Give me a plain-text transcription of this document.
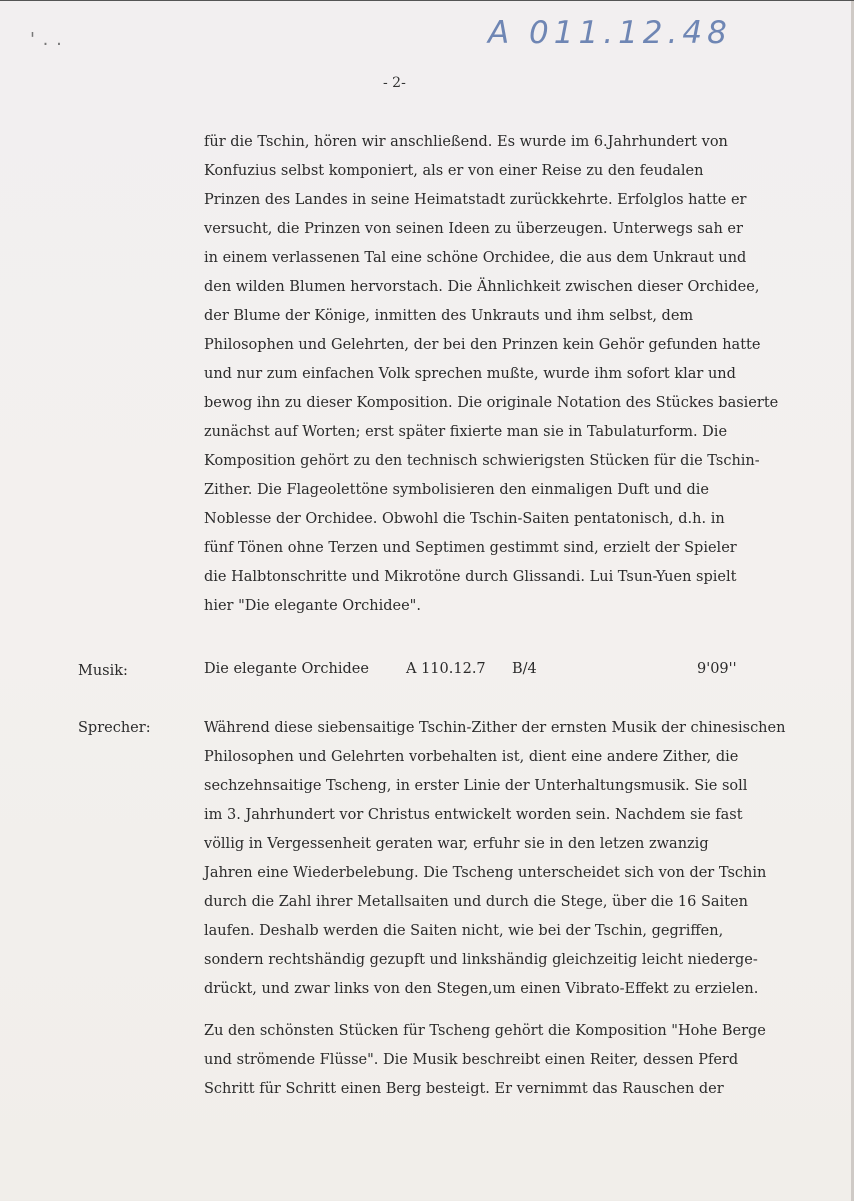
' . .	A 011.12.48
- 2-
für die Tschin, hören wir anschließend. Es wurde im 6.Jahrhundert von
Konfuzius selbst komponiert, als er von einer Reise zu den feudalen
Prinzen des Landes in seine Heimatstadt zurückkehrte. Erfolglos hatte er
versucht, die Prinzen von seinen Ideen zu überzeugen. Unterwegs sah er
in einem verlassenen Tal eine schöne Orchidee, die aus dem Unkraut und
den wilden Blumen hervorstach. Die Ähnlichkeit zwischen dieser Orchidee,
der Blume der Könige, inmitten des Unkrauts und ihm selbst, dem
Philosophen und Gelehrten, der bei den Prinzen kein Gehör gefunden hatte
und nur zum einfachen Volk sprechen mußte, wurde ihm sofort klar und
bewog ihn zu dieser Komposition. Die originale Notation des Stückes basierte
zunächst auf Worten; erst später fixierte man sie in Tabulaturform. Die
Komposition gehört zu den technisch schwierigsten Stücken für die Tschin-
Zither. Die Flageolettöne symbolisieren den einmaligen Duft und die
Noblesse der Orchidee. Obwohl die Tschin-Saiten pentatonisch, d.h. in
fünf Tönen ohne Terzen und Septimen gestimmt sind, erzielt der Spieler
die Halbtonschritte und Mikrotöne durch Glissandi. Lui Tsun-Yuen spielt
hier "Die elegante Orchidee".
Musik:	Die elegante Orchidee	A 110.12.7 B/4	9'09''
Sprecher:	Während diese siebensaitige Tschin-Zither der ernsten Musik der chinesischen
Philosophen und Gelehrten vorbehalten ist, dient eine andere Zither, die
sechzehnsaitige Tscheng, in erster Linie der Unterhaltungsmusik. Sie soll
im 3. Jahrhundert vor Christus entwickelt worden sein. Nachdem sie fast
völlig in Vergessenheit geraten war, erfuhr sie in den letzen zwanzig
Jahren eine Wiederbelebung. Die Tscheng unterscheidet sich von der Tschin
durch die Zahl ihrer Metallsaiten und durch die Stege, über die 16 Saiten
laufen. Deshalb werden die Saiten nicht, wie bei der Tschin, gegriffen,
sondern rechtshändig gezupft und linkshändig gleichzeitig leicht niederge-
drückt, und zwar links von den Stegen,um einen Vibrato-Effekt zu erzielen.
Zu den schönsten Stücken für Tscheng gehört die Komposition "Hohe Berge
und strömende Flüsse". Die Musik beschreibt einen Reiter, dessen Pferd
Schritt für Schritt einen Berg besteigt. Er vernimmt das Rauschen der
